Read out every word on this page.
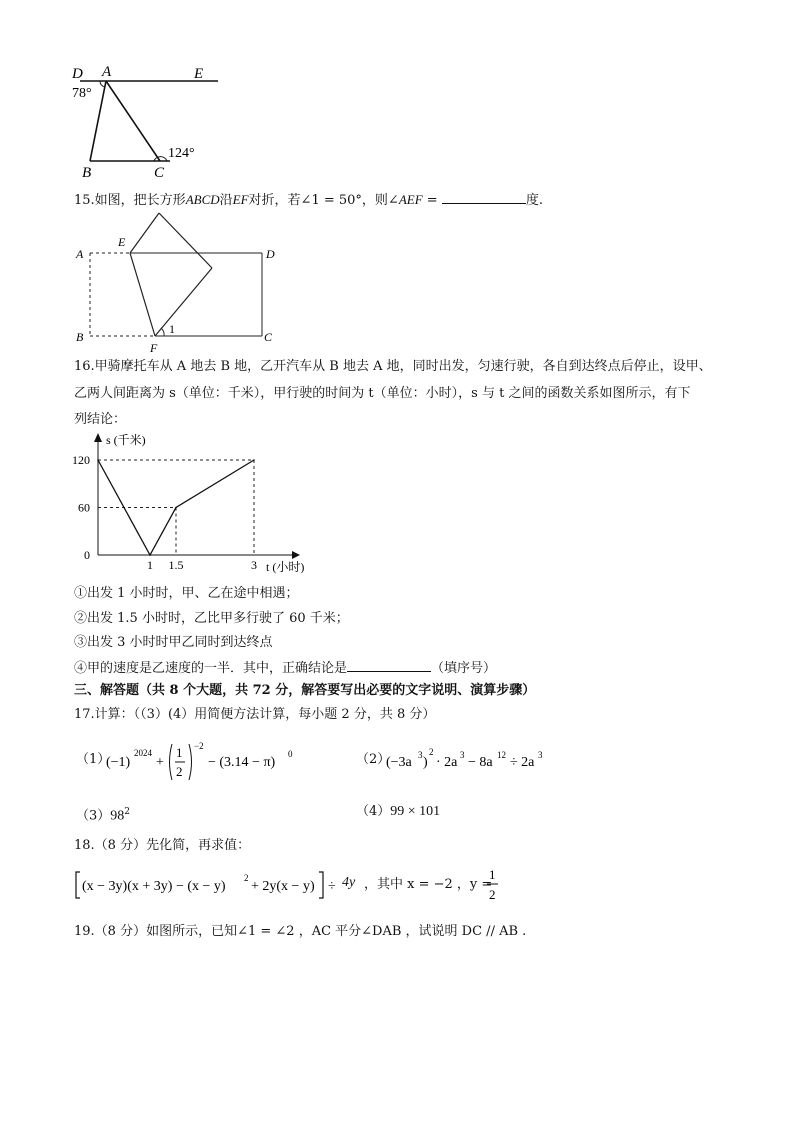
D A	E
78°
B	C
124°
15.如图，把长方形ABCD沿EF对折，若∠1 = 50°，则∠AEF =	度.
A
E
D
B
F
1
C
16.甲骑摩托车从 A 地去 B 地，乙开汽车从 B 地去 A 地，同时出发，匀速行驶，各自到达终点后停止，设甲、
乙两人间距离为 s（单位：千米），甲行驶的时间为 t（单位：小时），s 与 t 之间的函数关系如图所示，有下
列结论：
s (千米)
t (小时)
0
60
120
1 1.5	3
①出发 1 小时时，甲、乙在途中相遇；
②出发 1.5 小时时，乙比甲多行驶了 60 千米；
③出发 3 小时时甲乙同时到达终点
④甲的速度是乙速度的一半．其中，正确结论是	（填序号）
三、解答题（共 8 个大题，共 72 分，解答要写出必要的文字说明、演算步骤）
17.计算：（（3）(4）用简便方法计算，每小题 2 分，共 8 分）
（1）
(−1)
2024
+
1
2
−2
− (3.14 − π)
0	（2）
(−3a 3 )
2
· 2a 3 − 8a 12 ÷ 2a 3
$(3)98^2$	（4）99 × 101
18.（8 分）先化简，再求值：
(x − 3y)(x + 3y) − (x − y)
2
+ 2y(x − y) ÷ 4y ，其中 x = −2 ，y =
1
2
19.（8 分）如图所示，已知∠1 = ∠2 ，AC 平分∠DAB ，试说明 DC // AB .
